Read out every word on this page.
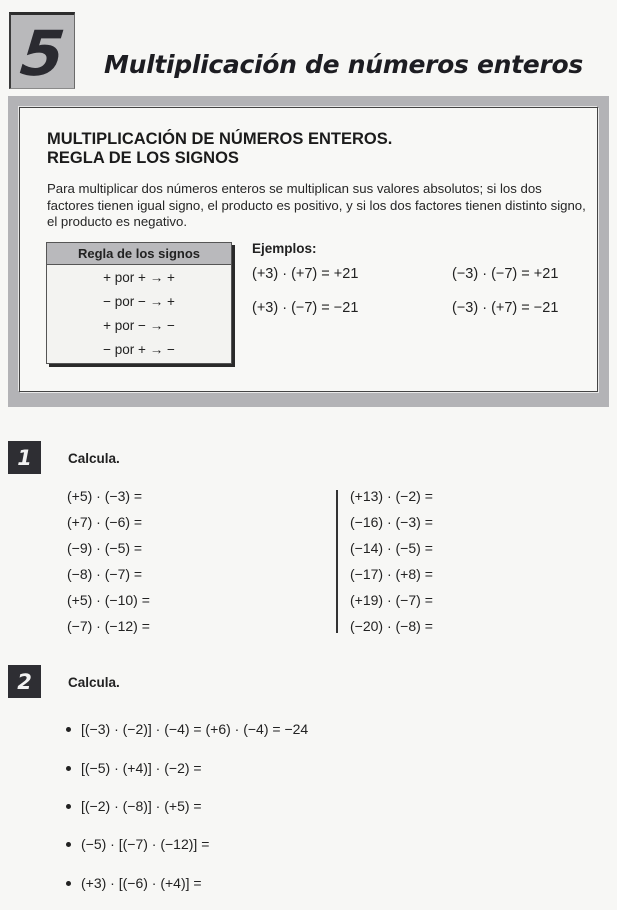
5 Multiplicación de números enteros
MULTIPLICACIÓN DE NÚMEROS ENTEROS.
REGLA DE LOS SIGNOS
Para multiplicar dos números enteros se multiplican sus valores absolutos; si los dos factores tienen igual signo, el producto es positivo, y si los dos factores tienen distinto signo, el producto es negativo.
Regla de los signos
+ por + → +
− por − → +
+ por − → −
− por + → −
Ejemplos:
(+3) · (+7) = +21	(−3) · (−7) = +21
(+3) · (−7) = −21	(−3) · (+7) = −21
1	Calcula.
(+5) · (−3) =
(+7) · (−6) =
(−9) · (−5) =
(−8) · (−7) =
(+5) · (−10) =
(−7) · (−12) =
(+13) · (−2) =
(−16) · (−3) =
(−14) · (−5) =
(−17) · (+8) =
(+19) · (−7) =
(−20) · (−8) =
2	Calcula.
[(−3) · (−2)] · (−4) = (+6) · (−4) = −24
[(−5) · (+4)] · (−2) =
[(−2) · (−8)] · (+5) =
(−5) · [(−7) · (−12)] =
(+3) · [(−6) · (+4)] =
